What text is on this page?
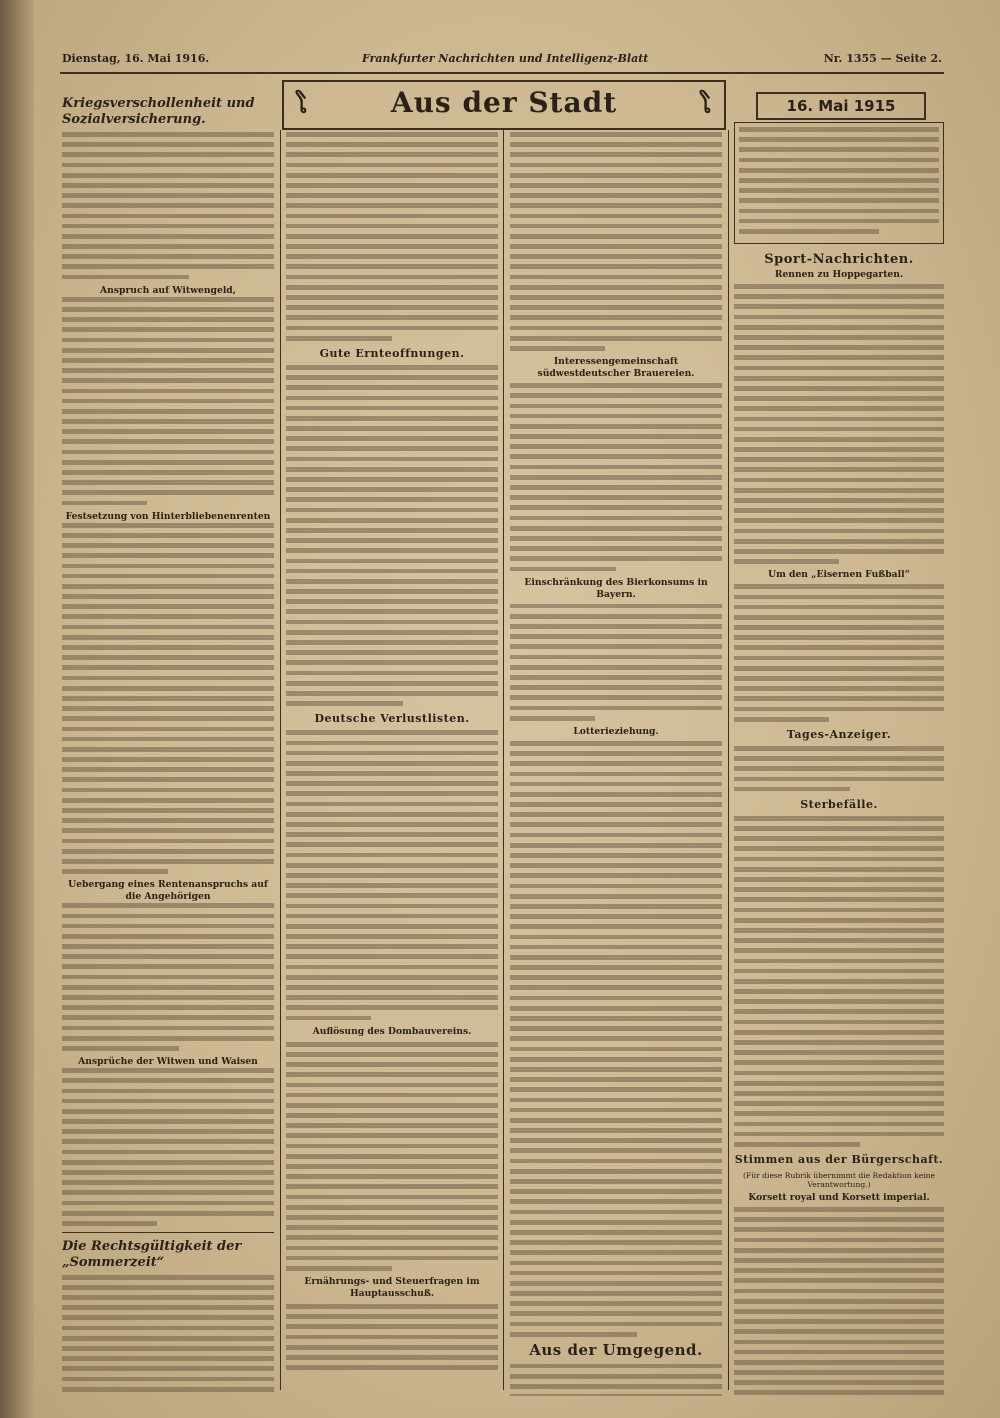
Dienstag, 16. Mai 1916.	Frankfurter Nachrichten und Intelligenz-Blatt	Nr. 1355 — Seite 2.
ໂ	Aus der Stadt	ໂ	16. Mai 1915
Kriegsverschollenheit und Sozialversicherung.
Anspruch auf Witwengeld,
Festsetzung von Hinterbliebenenrenten
Uebergang eines Rentenanspruchs auf die Angehörigen
Ansprüche der Witwen und Waisen
Die Rechtsgültigkeit der „Sommerzeit“
Gute Ernteoffnungen.
Deutsche Verlustlisten.
Auflösung des Dombauvereins.
Ernährungs- und Steuerfragen im Hauptausschuß.
Interessengemeinschaft südwestdeutscher Brauereien.
Einschränkung des Bierkonsums in Bayern.
Lotterieziehung.
Aus der Umgegend.
Sport-Nachrichten.
Rennen zu Hoppegarten.
Um den „Eisernen Fußball“
Tages-Anzeiger.
Sterbefälle.
Stimmen aus der Bürgerschaft.
(Für diese Rubrik übernimmt die Redaktion keine Verantwortung.)
Korsett royal und Korsett imperial.
